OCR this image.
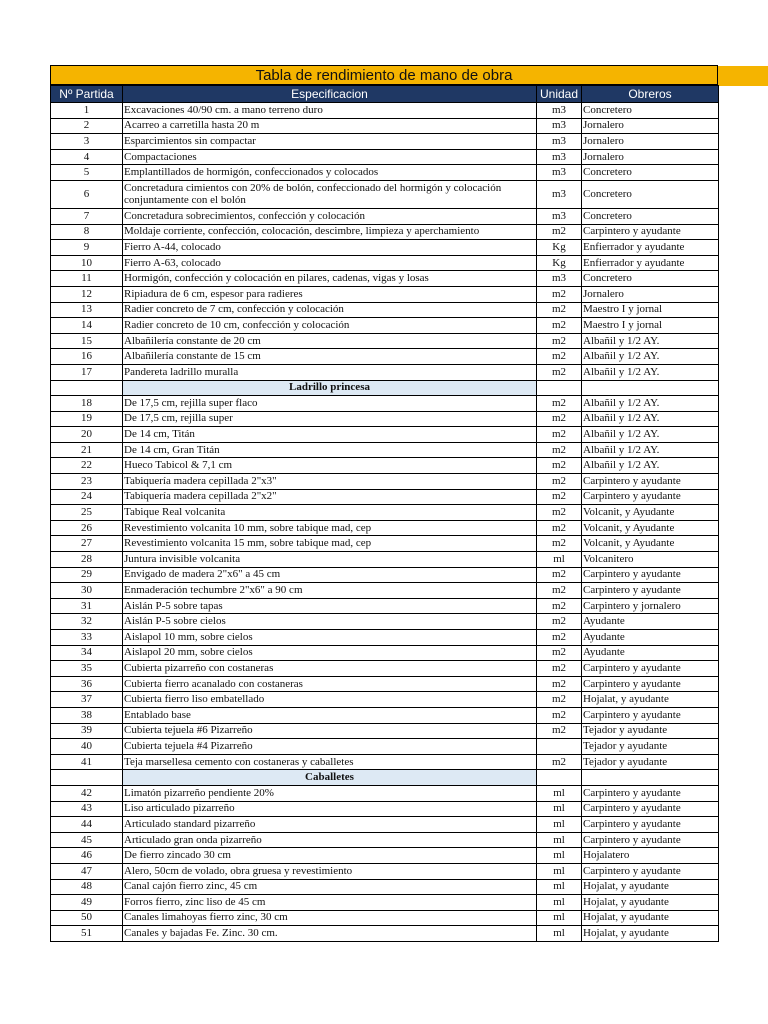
Tabla de rendimiento de mano de obra
Nº Partida	Especificacion	Unidad	Obreros
1	Excavaciones 40/90 cm. a mano terreno duro	m3	Concretero
2	Acarreo a carretilla hasta 20 m	m3	Jornalero
3	Esparcimientos sin compactar	m3	Jornalero
4	Compactaciones	m3	Jornalero
5	Emplantillados de hormigón, confeccionados y colocados	m3	Concretero
6	Concretadura cimientos con 20% de bolón, confeccionado del hormigón y colocación conjuntamente con el bolón	m3	Concretero
7	Concretadura sobrecimientos, confección y colocación	m3	Concretero
8	Moldaje corriente, confección, colocación, descimbre, limpieza y aperchamiento	m2	Carpintero y ayudante
9	Fierro A-44, colocado	Kg	Enfierrador y ayudante
10	Fierro A-63, colocado	Kg	Enfierrador y ayudante
11	Hormigón, confección y colocación en pilares, cadenas, vigas y losas	m3	Concretero
12	Ripiadura de 6 cm, espesor para radieres	m2	Jornalero
13	Radier concreto de 7 cm, confección y colocación	m2	Maestro I y jornal
14	Radier concreto de 10 cm, confección y colocación	m2	Maestro I y jornal
15	Albañilería constante de 20 cm	m2	Albañil y 1/2 AY.
16	Albañilería constante de 15 cm	m2	Albañil y 1/2 AY.
17	Pandereta ladrillo muralla	m2	Albañil y 1/2 AY.
	Ladrillo princesa		
18	De 17,5 cm, rejilla super flaco	m2	Albañil y 1/2 AY.
19	De 17,5 cm, rejilla super	m2	Albañil y 1/2 AY.
20	De 14 cm, Titán	m2	Albañil y 1/2 AY.
21	De 14 cm, Gran Titán	m2	Albañil y 1/2 AY.
22	Hueco Tabicol & 7,1 cm	m2	Albañil y 1/2 AY.
23	Tabiquería madera cepillada 2"x3"	m2	Carpintero y ayudante
24	Tabiquería madera cepillada 2"x2"	m2	Carpintero y ayudante
25	Tabique Real volcanita	m2	Volcanit, y Ayudante
26	Revestimiento volcanita 10 mm, sobre tabique mad, cep	m2	Volcanit, y Ayudante
27	Revestimiento volcanita 15 mm, sobre tabique mad, cep	m2	Volcanit, y Ayudante
28	Juntura invisible volcanita	ml	Volcanitero
29	Envigado de madera 2"x6" a 45 cm	m2	Carpintero y ayudante
30	Enmaderación techumbre 2"x6" a 90 cm	m2	Carpintero y ayudante
31	Aislán P-5 sobre tapas	m2	Carpintero y jornalero
32	Aislán P-5 sobre cielos	m2	Ayudante
33	Aislapol 10 mm, sobre cielos	m2	Ayudante
34	Aislapol 20 mm, sobre cielos	m2	Ayudante
35	Cubierta pizarreño con costaneras	m2	Carpintero y ayudante
36	Cubierta fierro acanalado con costaneras	m2	Carpintero y ayudante
37	Cubierta fierro liso embatellado	m2	Hojalat, y ayudante
38	Entablado base	m2	Carpintero y ayudante
39	Cubierta tejuela #6 Pizarreño	m2	Tejador y ayudante
40	Cubierta tejuela #4 Pizarreño		Tejador y ayudante
41	Teja marsellesa cemento con costaneras y caballetes	m2	Tejador y ayudante
	Caballetes		
42	Limatón pizarreño pendiente 20%	ml	Carpintero y ayudante
43	Liso articulado pizarreño	ml	Carpintero y ayudante
44	Articulado standard pizarreño	ml	Carpintero y ayudante
45	Articulado gran onda pizarreño	ml	Carpintero y ayudante
46	De fierro zincado 30 cm	ml	Hojalatero
47	Alero, 50cm de volado, obra gruesa y revestimiento	ml	Carpintero y ayudante
48	Canal cajón fierro zinc, 45 cm	ml	Hojalat, y ayudante
49	Forros fierro, zinc liso de 45 cm	ml	Hojalat, y ayudante
50	Canales limahoyas fierro zinc, 30 cm	ml	Hojalat, y ayudante
51	Canales y bajadas Fe. Zinc. 30 cm.	ml	Hojalat, y ayudante
